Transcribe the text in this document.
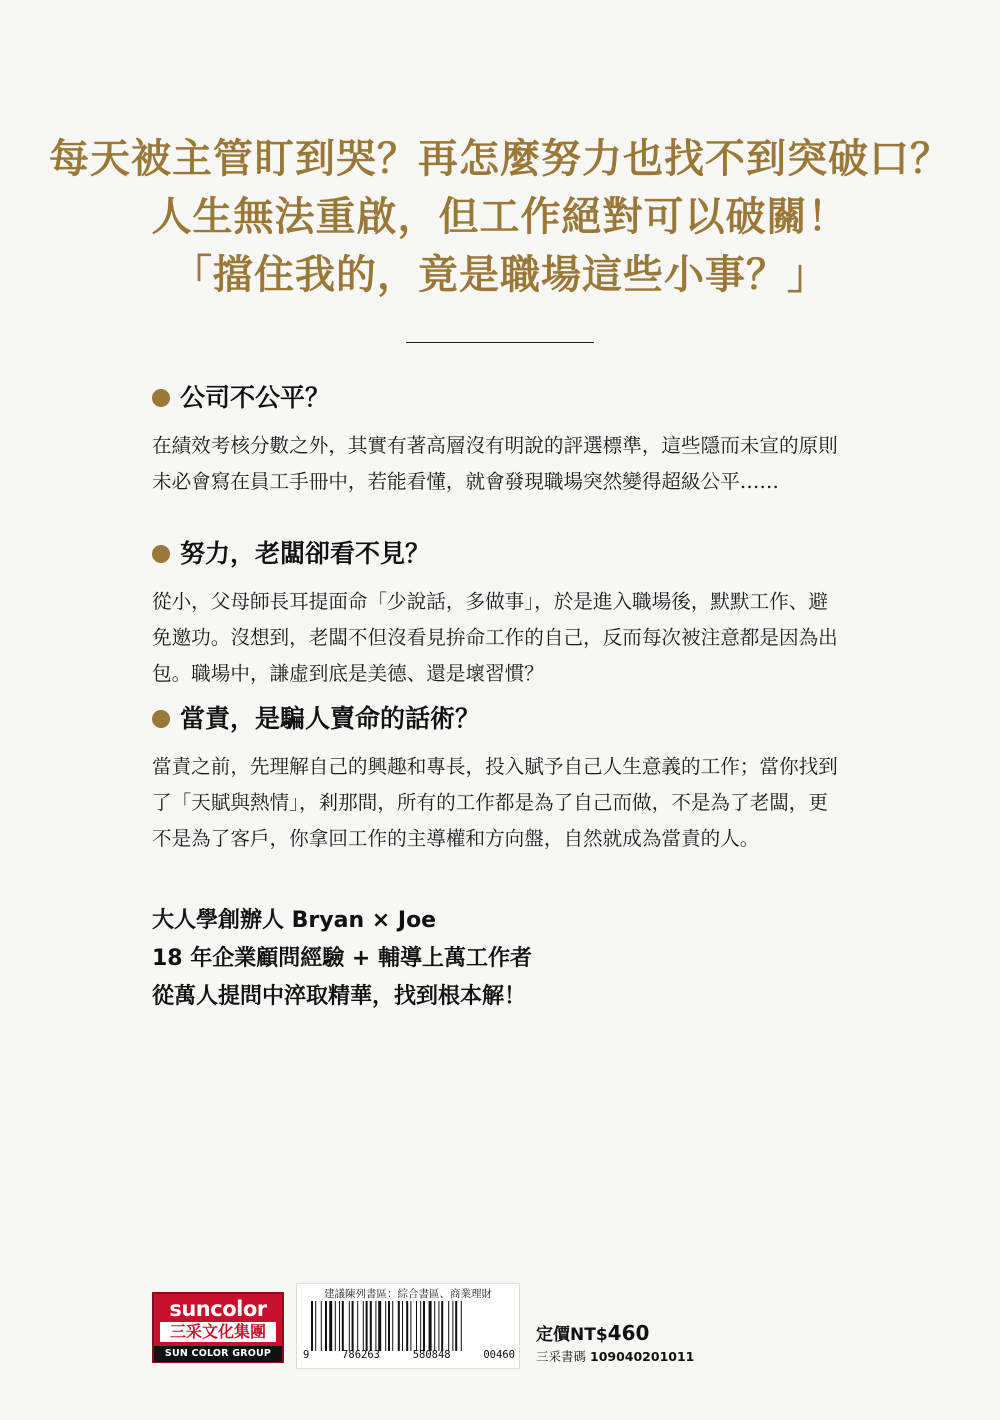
每天被主管盯到哭？再怎麼努力也找不到突破口？
人生無法重啟，但工作絕對可以破關！
「擋住我的，竟是職場這些小事？」
公司不公平？
在績效考核分數之外，其實有著高層沒有明說的評選標準，這些隱而未宣的原則未必會寫在員工手冊中，若能看懂，就會發現職場突然變得超級公平……
努力，老闆卻看不見？
從小，父母師長耳提面命「少說話，多做事」，於是進入職場後，默默工作、避免邀功。沒想到，老闆不但沒看見拚命工作的自己，反而每次被注意都是因為出包。職場中，謙虛到底是美德、還是壞習慣？
當責，是騙人賣命的話術？
當責之前，先理解自己的興趣和專長，投入賦予自己人生意義的工作；當你找到了「天賦與熱情」，剎那間，所有的工作都是為了自己而做，不是為了老闆，更不是為了客戶，你拿回工作的主導權和方向盤，自然就成為當責的人。
大人學創辦人 Bryan × Joe
18 年企業顧問經驗 + 輔導上萬工作者
從萬人提問中淬取精華，找到根本解！
suncolor
三采文化集團
SUN COLOR GROUP
建議陳列書區：綜合書區、商業理財
9	786263	580848	00460
定價NT$460
三采書碼 109040201011
